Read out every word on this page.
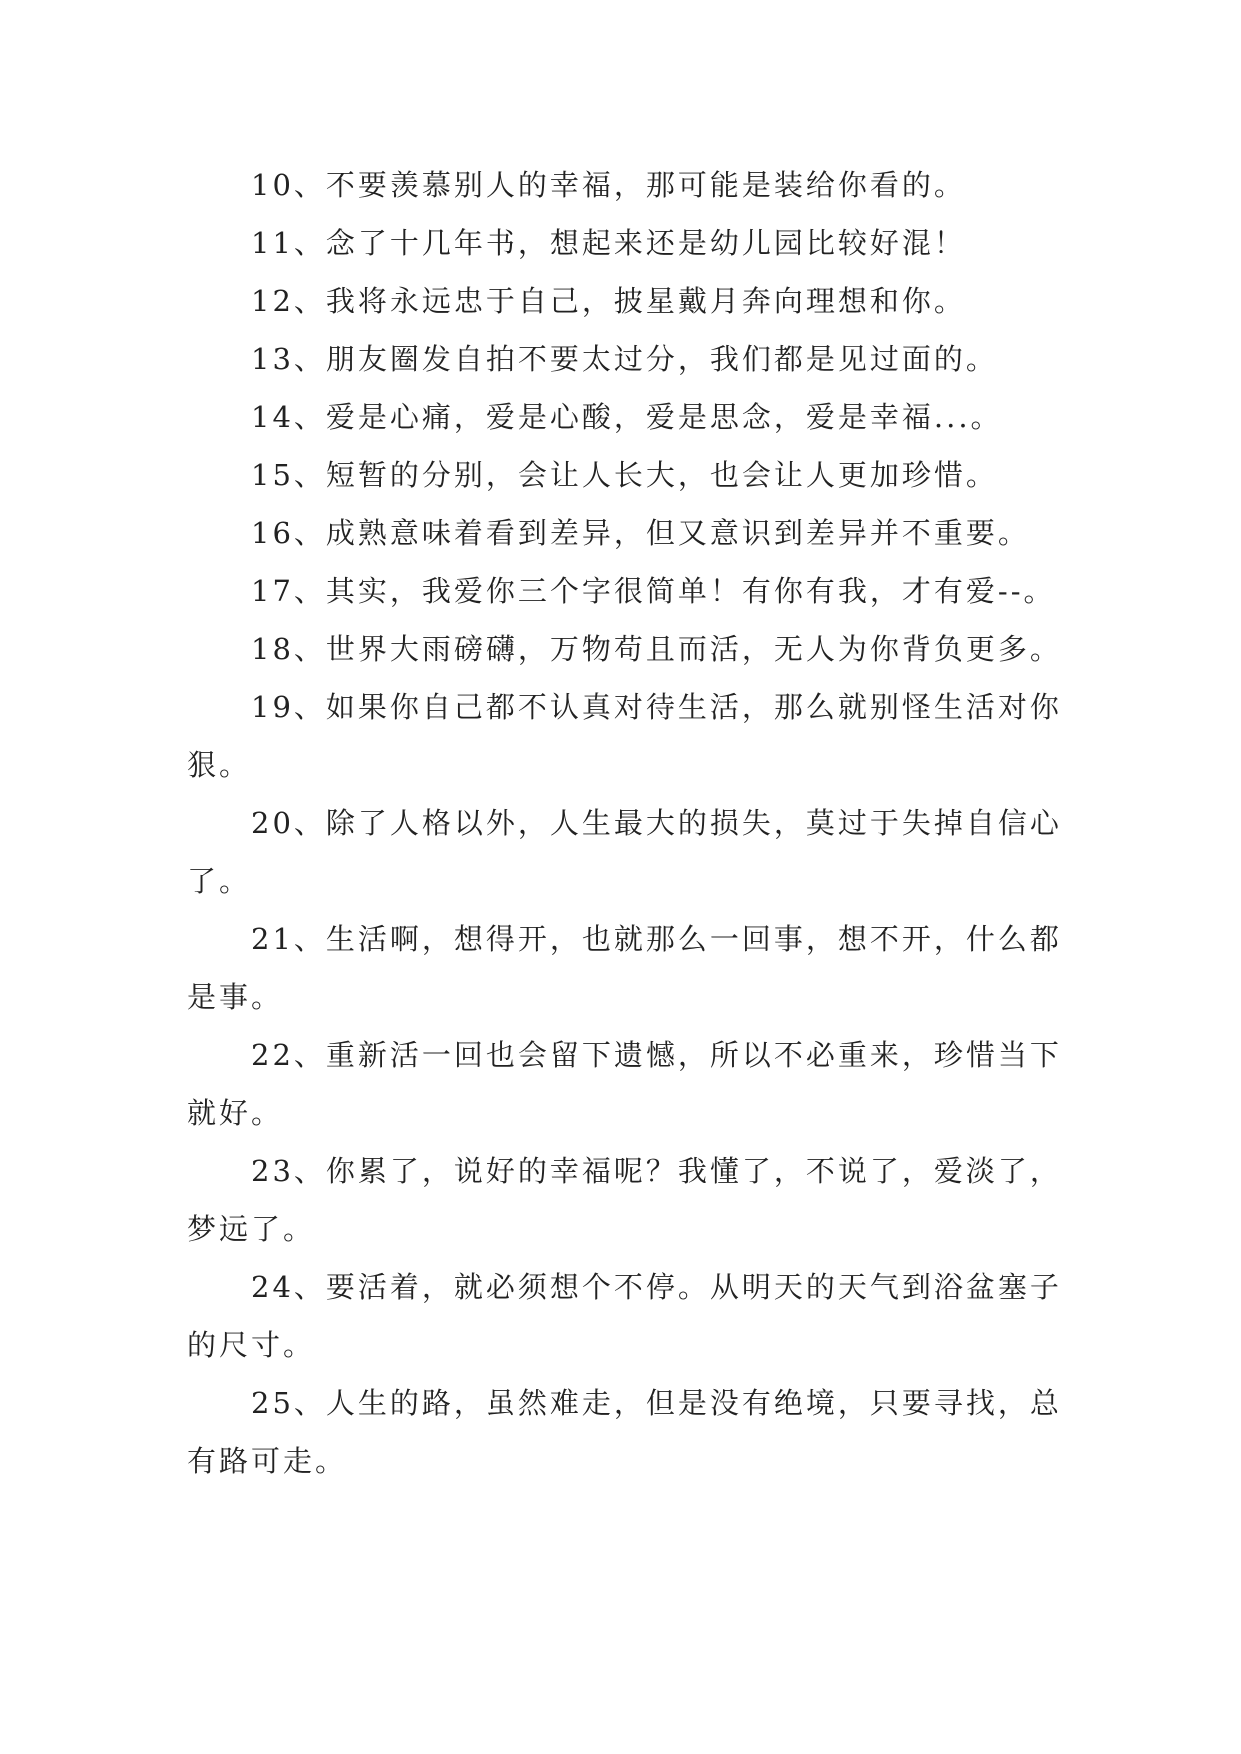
10、不要羡慕别人的幸福，那可能是装给你看的。

11、念了十几年书，想起来还是幼儿园比较好混！

12、我将永远忠于自己，披星戴月奔向理想和你。

13、朋友圈发自拍不要太过分，我们都是见过面的。

14、爱是心痛，爱是心酸，爱是思念，爱是幸福...。

15、短暂的分别，会让人长大，也会让人更加珍惜。

16、成熟意味着看到差异，但又意识到差异并不重要。

17、其实，我爱你三个字很简单！有你有我，才有爱--。

18、世界大雨磅礴，万物苟且而活，无人为你背负更多。

19、如果你自己都不认真对待生活，那么就别怪生活对你狠。

20、除了人格以外，人生最大的损失，莫过于失掉自信心了。

21、生活啊，想得开，也就那么一回事，想不开，什么都是事。

22、重新活一回也会留下遗憾，所以不必重来，珍惜当下就好。

23、你累了，说好的幸福呢？我懂了，不说了，爱淡了，梦远了。

24、要活着，就必须想个不停。从明天的天气到浴盆塞子的尺寸。

25、人生的路，虽然难走，但是没有绝境，只要寻找，总有路可走。
